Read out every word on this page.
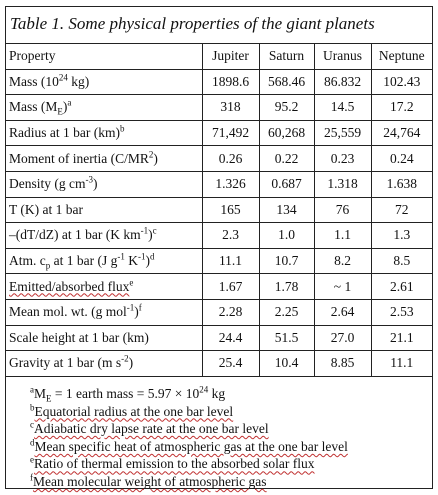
Table 1. Some physical properties of the giant planets
Property	Jupiter	Saturn	Uranus	Neptune
Mass ($10^{24}$ kg)	1898.6	568.46	86.832	102.43
Mass $(M_E)^a$	318	95.2	14.5	17.2
Radius at 1 bar (km)$^b$	71,492	60,268	25,559	24,764
Moment of inertia $(C/MR^2)$	0.26	0.22	0.23	0.24
Density (g $cm^{-3}$)	1.326	0.687	1.318	1.638
T (K) at 1 bar	165	134	76	72
–(dT/dZ) at 1 bar (K $km^{-1})^c$	2.3	1.0	1.1	1.3
Atm. $c_p$ at 1 bar (J $g^{-1}$ $K^{-1})^d$	11.1	10.7	8.2	8.5
Emitted/absorbed flux$^e$	1.67	1.78	~ 1	2.61
Mean mol. wt. (g mol$^{-1}$)$^f$	2.28	2.25	2.64	2.53
Scale height at 1 bar (km)	24.4	51.5	27.0	21.1
Gravity at 1 bar (m $s^{-2}$)	25.4	10.4	8.85	11.1
$^aM_E = 1$ earth mass = $5.97 \times 10^{24}$ kg
$^b$Equatorial radius at the one bar level
$^c$Adiabatic dry lapse rate at the one bar level
$^d$Mean specific heat of atmospheric gas at the one bar level
$^e$Ratio of thermal emission to the absorbed solar flux
$^f$Mean molecular weight of atmospheric gas
